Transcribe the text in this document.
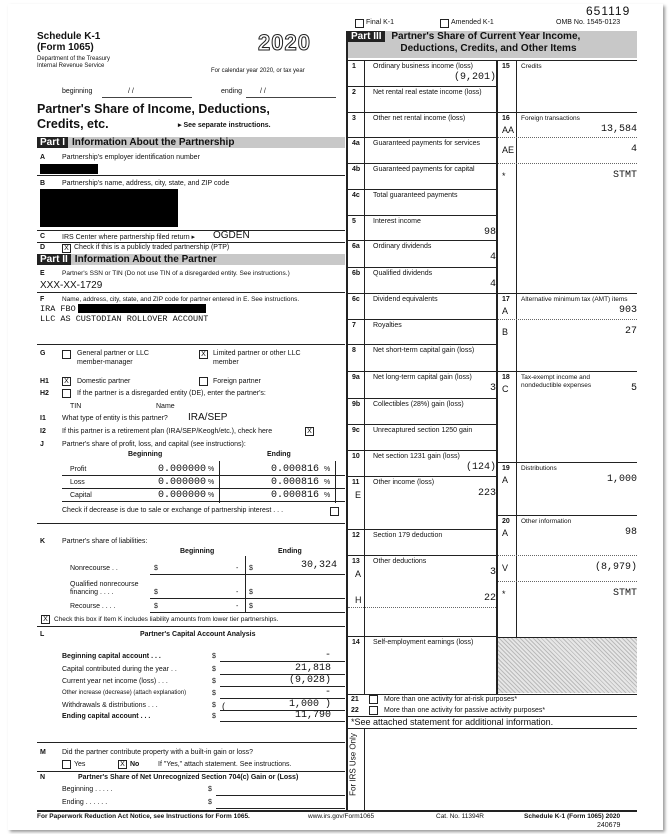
651119
Final K-1	Amended K-1	OMB No. 1545-0123
Schedule K-1
(Form 1065)	2020
Department of the Treasury
Internal Revenue Service
For calendar year 2020, or tax year
beginning	/ /	ending	/ /
Partner's Share of Income, Deductions,
Credits, etc.	▸ See separate instructions.
Part I Information About the Partnership
A Partnership's employer identification number
B Partnership's name, address, city, state, and ZIP code
C IRS Center where partnership filed return ▸ OGDEN
D	X Check if this is a publicly traded partnership (PTP)
Part II Information About the Partner
E	Partner's SSN or TIN (Do not use TIN of a disregarded entity. See instructions.)
XXX-XX-1729
F	Name, address, city, state, and ZIP code for partner entered in E. See instructions.
IRA FBO
LLC AS CUSTODIAN ROLLOVER ACCOUNT
G	General partner or LLC
member-manager
X	Limited partner or other LLC
member
H1	X	Domestic partner	Foreign partner
H2	If the partner is a disregarded entity (DE), enter the partner's:
TIN	Name
I1 What type of entity is this partner? IRA/SEP
I2 If this partner is a retirement plan (IRA/SEP/Keogh/etc.), check here	X
J	Partner's share of profit, loss, and capital (see instructions):
Beginning	Ending
Profit	0.000000 %	0.000816 %
Loss	0.000000 %	0.000816 %
Capital	0.000000 %	0.000816 %
Check if decrease is due to sale or exchange of partnership interest . . .
K Partner's share of liabilities:
Beginning	Ending
Nonrecourse . .	$	- $	30,324
Qualified nonrecourse
financing . . . .	$	- $
Recourse . . . .	$	- $
X Check this box if Item K includes liability amounts from lower tier partnerships.
L	Partner's Capital Account Analysis
Beginning capital account . . .	$	-
Capital contributed during the year . .	$	21,818
Current year net income (loss) . . .	$	(9,028)
Other increase (decrease) (attach explanation)	$	-
Withdrawals & distributions . . .	$ (	1,000 )
Ending capital account . . .	$	11,790
M Did the partner contribute property with a built-in gain or loss?
Yes	X No	If "Yes," attach statement. See instructions.
N	Partner's Share of Net Unrecognized Section 704(c) Gain or (Loss)
Beginning . . . . .	$
Ending . . . . . .	$
Part III Partner's Share of Current Year Income,
Deductions, Credits, and Other Items
1 Ordinary business income (loss)
(9,201)
2 Net rental real estate income (loss)
3 Other net rental income (loss)
4a Guaranteed payments for services
4b Guaranteed payments for capital
4c Total guaranteed payments
5 Interest income
98
6a Ordinary dividends
4
6b Qualified dividends
4
6c Dividend equivalents
7 Royalties
8 Net short-term capital gain (loss)
9a Net long-term capital gain (loss)
3
9b Collectibles (28%) gain (loss)
9c Unrecaptured section 1250 gain
10 Net section 1231 gain (loss)
(124)
11 Other income (loss)
E	223
12 Section 179 deduction
13 Other deductions
A	3
H	22
14 Self-employment earnings (loss)
15 Credits
16 Foreign transactions
AA	13,584
AE	4
*	STMT
17 Alternative minimum tax (AMT) items
A	903
B	27
18 Tax-exempt income and
nondeductible expenses
C	5
19 Distributions
A	1,000
20 Other information
A	98
V	(8,979)
*	STMT
21	More than one activity for at-risk purposes*
22	More than one activity for passive activity purposes*
*See attached statement for additional information.
For IRS Use Only
For Paperwork Reduction Act Notice, see Instructions for Form 1065.	www.irs.gov/Form1065	Cat. No. 11394R	Schedule K-1 (Form 1065) 2020
240679
